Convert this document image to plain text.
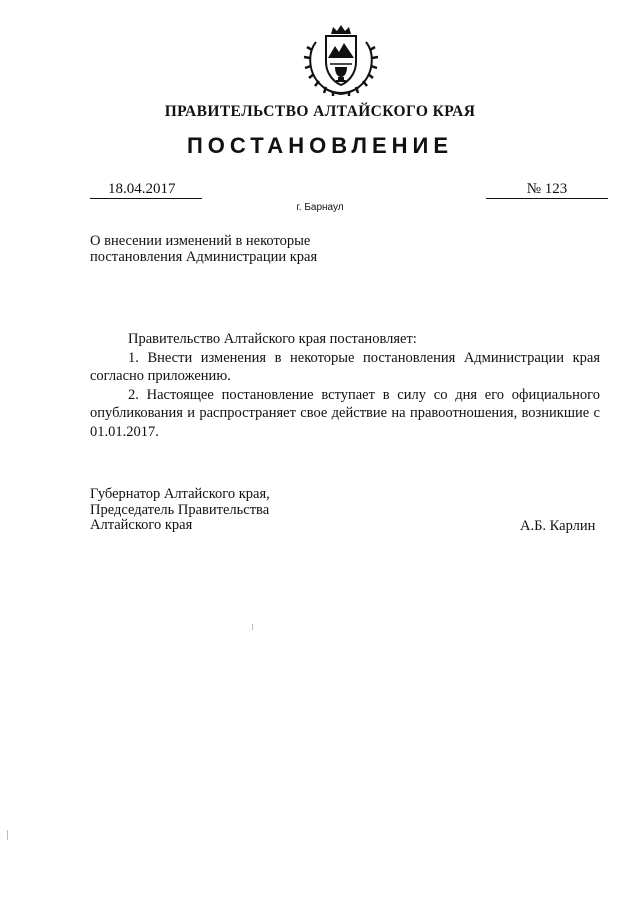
ПРАВИТЕЛЬСТВО АЛТАЙСКОГО КРАЯ
ПОСТАНОВЛЕНИЕ
18.04.2017	№ 123
г. Барнаул
О внесении изменений в некоторые
постановления Администрации края

Правительство Алтайского края постановляет:

1. Внести изменения в некоторые постановления Администрации края согласно приложению.

2. Настоящее постановление вступает в силу со дня его официального опубликования и распространяет свое действие на правоотношения, возникшие с 01.01.2017.

Губернатор Алтайского края,
Председатель Правительства
Алтайского края	А.Б. Карлин
